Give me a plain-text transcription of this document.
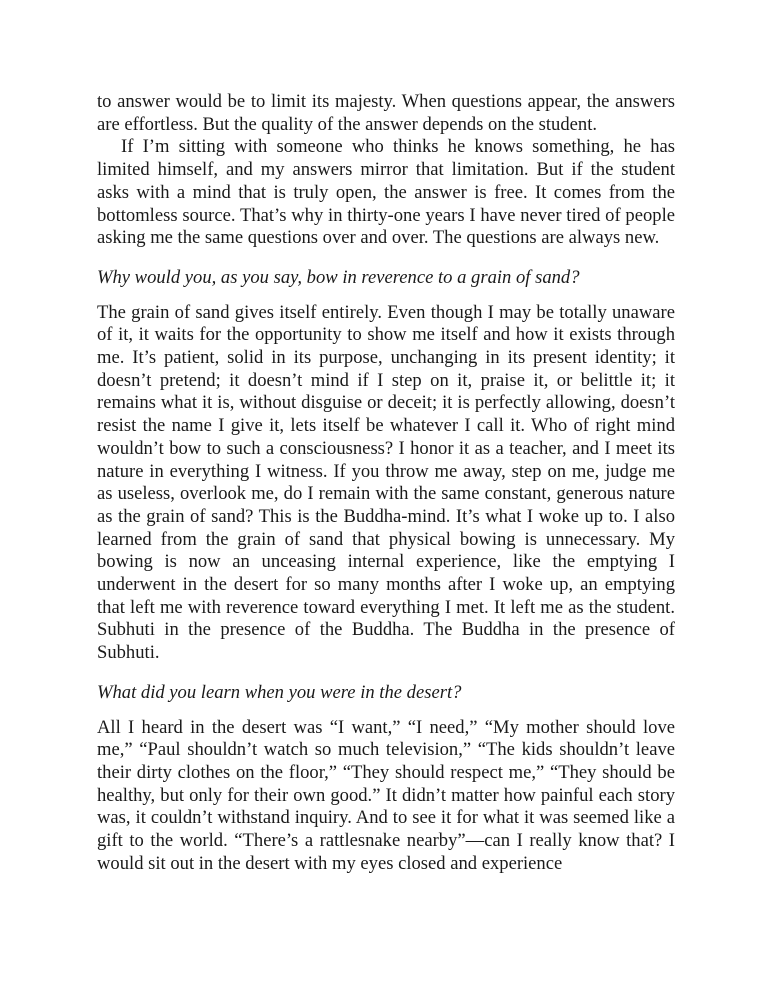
to answer would be to limit its majesty. When questions appear, the answers are effortless. But the quality of the answer depends on the student.

If I’m sitting with someone who thinks he knows something, he has limited himself, and my answers mirror that limitation. But if the student asks with a mind that is truly open, the answer is free. It comes from the bottomless source. That’s why in thirty-one years I have never tired of people asking me the same questions over and over. The questions are always new.

Why would you, as you say, bow in reverence to a grain of sand?

The grain of sand gives itself entirely. Even though I may be totally unaware of it, it waits for the opportunity to show me itself and how it exists through me. It’s patient, solid in its purpose, unchanging in its present identity; it doesn’t pretend; it doesn’t mind if I step on it, praise it, or belittle it; it remains what it is, without disguise or deceit; it is perfectly allowing, doesn’t resist the name I give it, lets itself be whatever I call it. Who of right mind wouldn’t bow to such a consciousness? I honor it as a teacher, and I meet its nature in everything I witness. If you throw me away, step on me, judge me as useless, overlook me, do I remain with the same constant, generous nature as the grain of sand? This is the Buddha-mind. It’s what I woke up to. I also learned from the grain of sand that physical bowing is unnecessary. My bowing is now an unceasing internal experience, like the emptying I underwent in the desert for so many months after I woke up, an emptying that left me with reverence toward everything I met. It left me as the student. Subhuti in the presence of the Buddha. The Buddha in the presence of Subhuti.

What did you learn when you were in the desert?

All I heard in the desert was “I want,” “I need,” “My mother should love me,” “Paul shouldn’t watch so much television,” “The kids shouldn’t leave their dirty clothes on the floor,” “They should respect me,” “They should be healthy, but only for their own good.” It didn’t matter how painful each story was, it couldn’t withstand inquiry. And to see it for what it was seemed like a gift to the world. “There’s a rattlesnake nearby”—can I really know that? I would sit out in the desert with my eyes closed and experience
